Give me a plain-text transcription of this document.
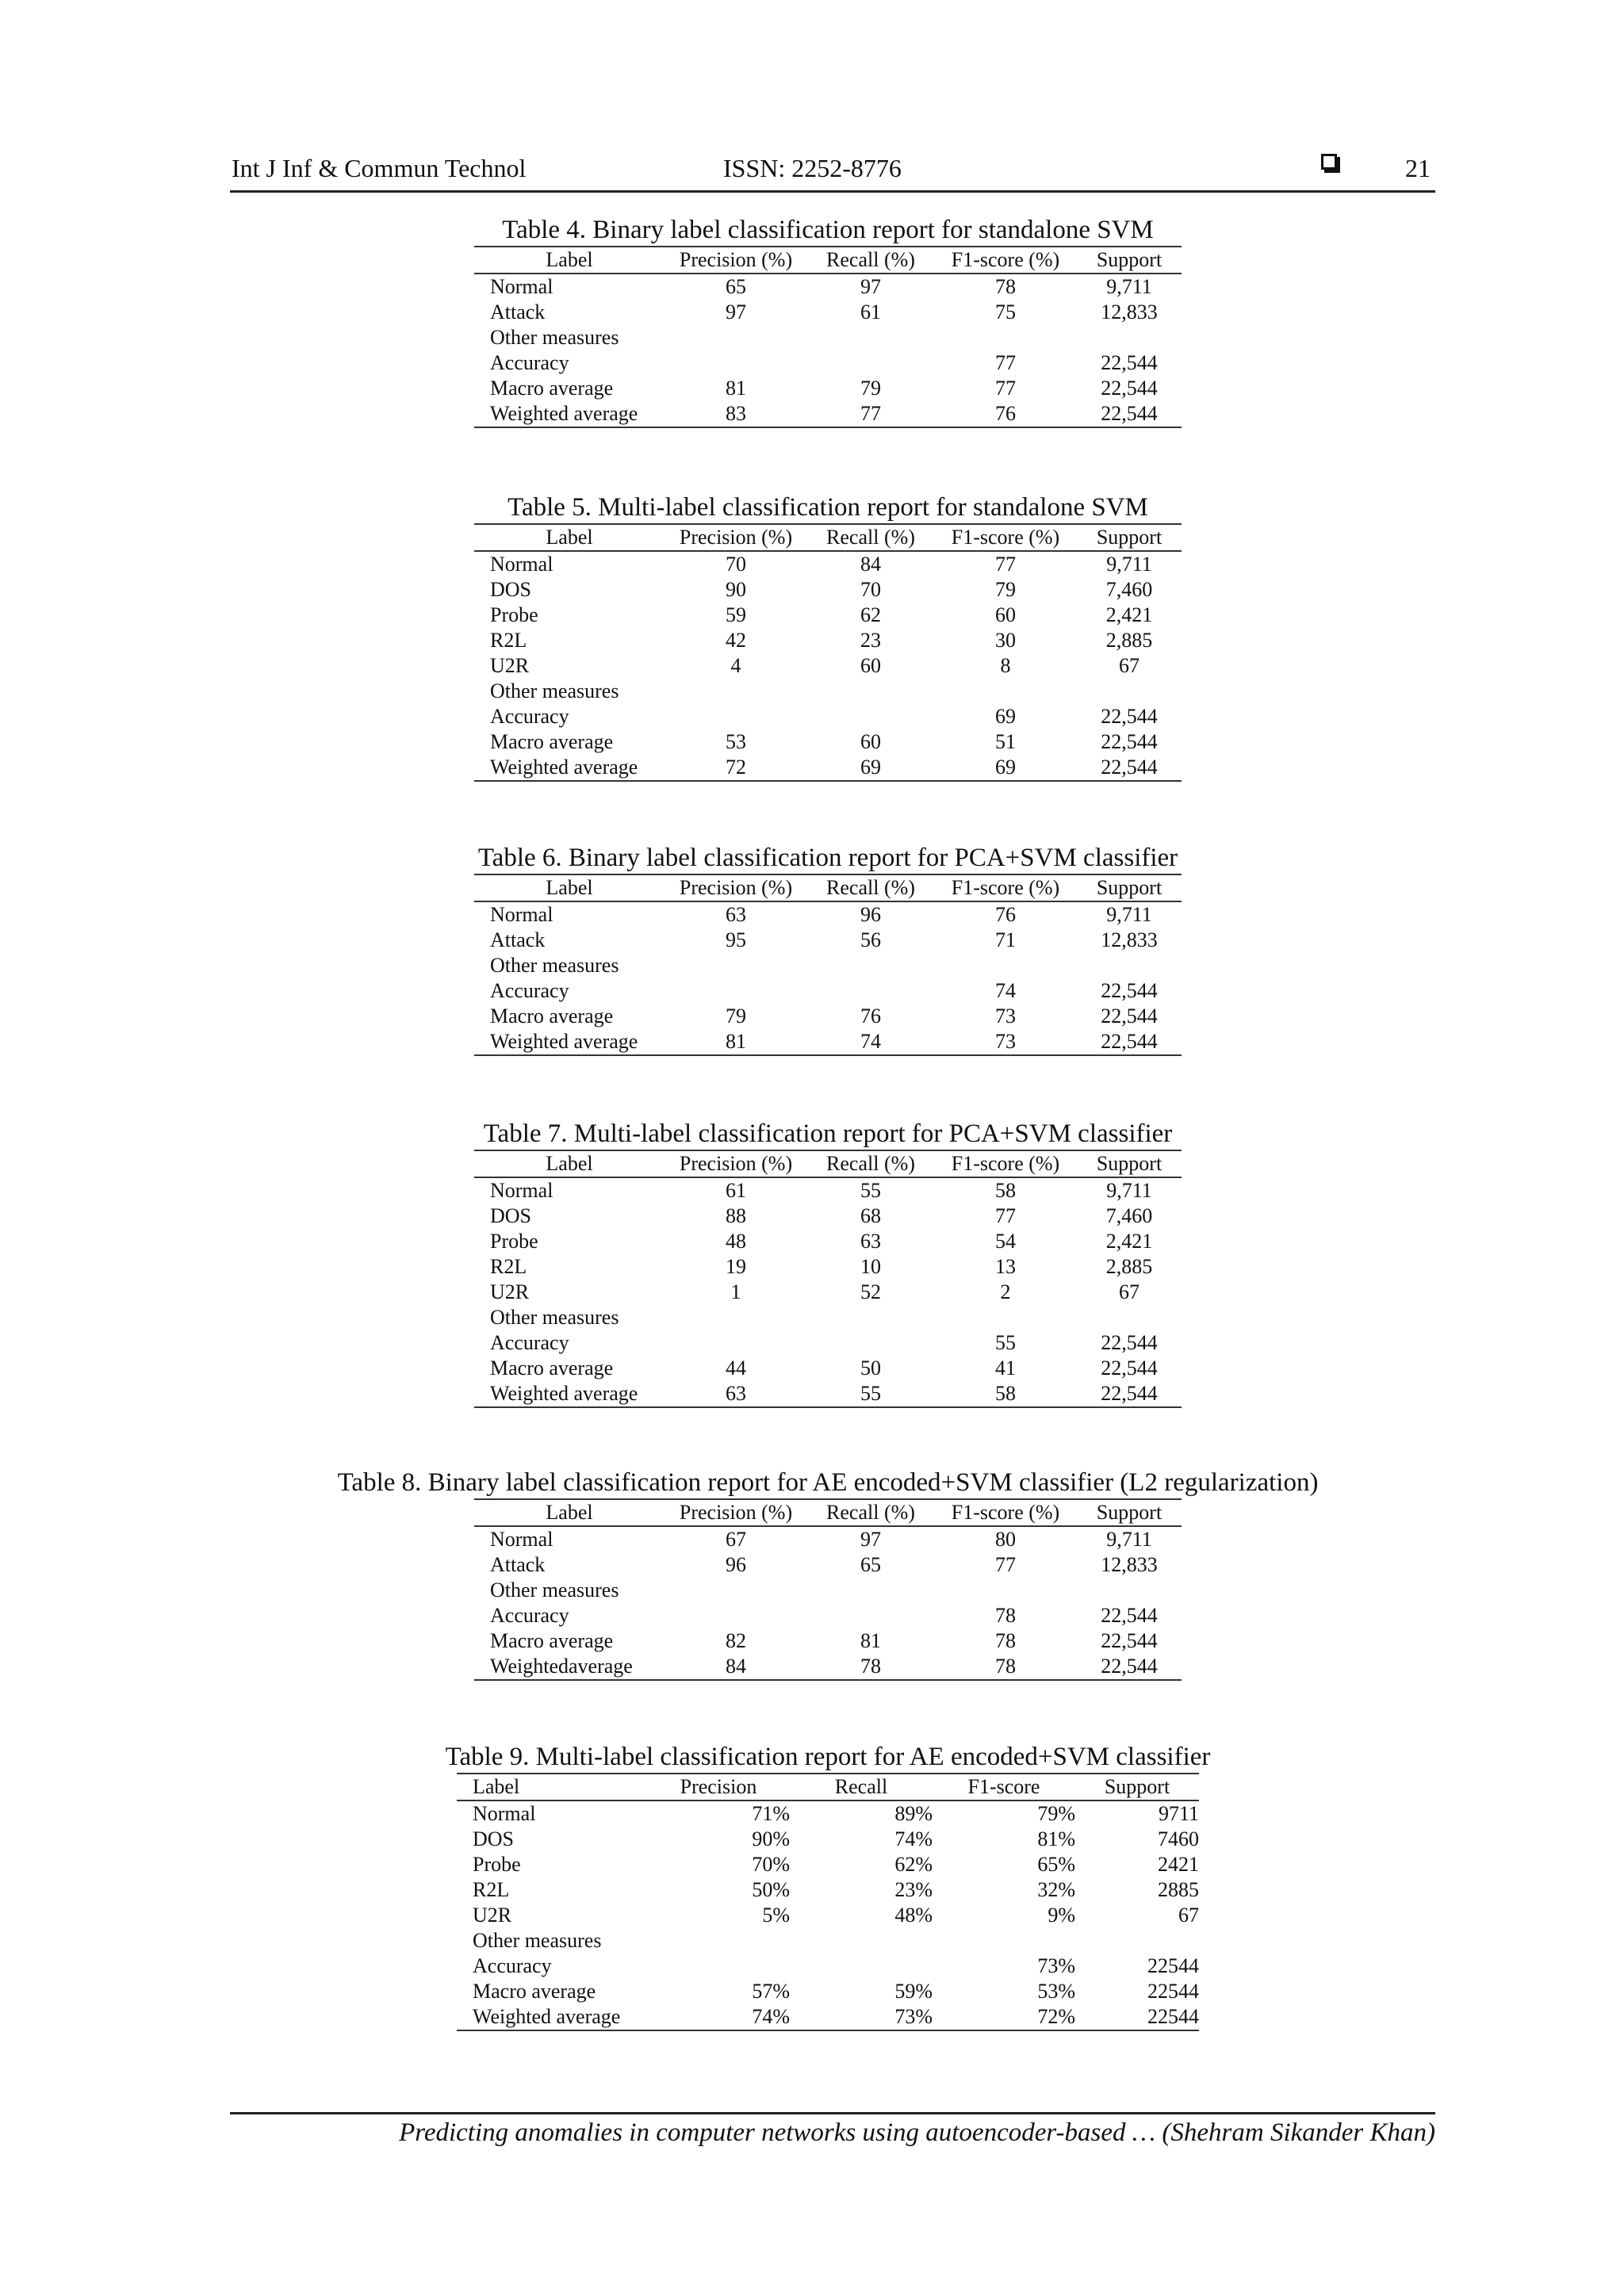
Int J Inf & Commun Technol	ISSN: 2252-8776	21
Table 4. Binary label classification report for standalone SVM
Label	Precision (%)	Recall (%)	F1-score (%)	Support
Normal	65	97	78	9,711
Attack	97	61	75	12,833
Other measures				
Accuracy			77	22,544
Macro average	81	79	77	22,544
Weighted average	83	77	76	22,544
Table 5. Multi-label classification report for standalone SVM
Label	Precision (%)	Recall (%)	F1-score (%)	Support
Normal	70	84	77	9,711
DOS	90	70	79	7,460
Probe	59	62	60	2,421
R2L	42	23	30	2,885
U2R	4	60	8	67
Other measures				
Accuracy			69	22,544
Macro average	53	60	51	22,544
Weighted average	72	69	69	22,544
Table 6. Binary label classification report for PCA+SVM classifier
Label	Precision (%)	Recall (%)	F1-score (%)	Support
Normal	63	96	76	9,711
Attack	95	56	71	12,833
Other measures				
Accuracy			74	22,544
Macro average	79	76	73	22,544
Weighted average	81	74	73	22,544
Table 7. Multi-label classification report for PCA+SVM classifier
Label	Precision (%)	Recall (%)	F1-score (%)	Support
Normal	61	55	58	9,711
DOS	88	68	77	7,460
Probe	48	63	54	2,421
R2L	19	10	13	2,885
U2R	1	52	2	67
Other measures				
Accuracy			55	22,544
Macro average	44	50	41	22,544
Weighted average	63	55	58	22,544
Table 8. Binary label classification report for AE encoded+SVM classifier (L2 regularization)
Label	Precision (%)	Recall (%)	F1-score (%)	Support
Normal	67	97	80	9,711
Attack	96	65	77	12,833
Other measures				
Accuracy			78	22,544
Macro average	82	81	78	22,544
Weightedaverage	84	78	78	22,544
Table 9. Multi-label classification report for AE encoded+SVM classifier
Label	Precision	Recall	F1-score	Support
Normal	71%	89%	79%	9711
DOS	90%	74%	81%	7460
Probe	70%	62%	65%	2421
R2L	50%	23%	32%	2885
U2R	5%	48%	9%	67
Other measures				
Accuracy			73%	22544
Macro average	57%	59%	53%	22544
Weighted average	74%	73%	72%	22544
Predicting anomalies in computer networks using autoencoder-based … (Shehram Sikander Khan)
